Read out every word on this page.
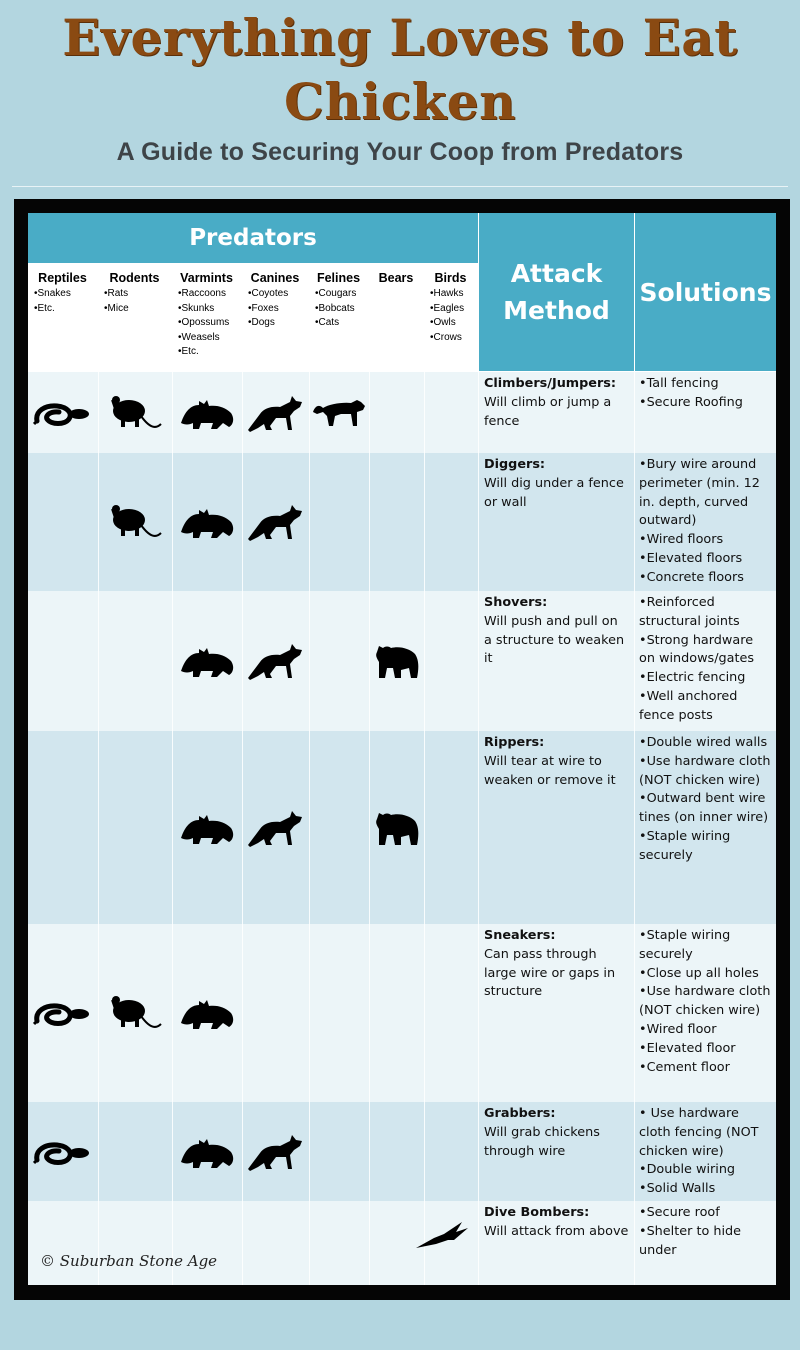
Everything Loves to Eat
Chicken
A Guide to Securing Your Coop from Predators
Predators
Attack
Method
Solutions
Reptiles
• Snakes
• Etc.
Rodents
• Rats
• Mice
Varmints
• Raccoons
• Skunks
• Opossums
• Weasels
• Etc.
Canines
• Coyotes
• Foxes
• Dogs
Felines
• Cougars
• Bobcats
• Cats
Bears	Birds
• Hawks
• Eagles
• Owls
• Crows
Climbers/Jumpers:
Will climb or jump a fence
• Tall fencing
• Secure Roofing
Diggers:
Will dig under a fence or wall
• Bury wire around perimeter (min. 12 in. depth, curved outward)
• Wired floors
• Elevated floors
• Concrete floors
Shovers:
Will push and pull on a structure to weaken it
• Reinforced structural joints
• Strong hardware on windows/gates
• Electric fencing
• Well anchored fence posts
Rippers:
Will tear at wire to weaken or remove it
• Double wired walls
• Use hardware cloth (NOT chicken wire)
• Outward bent wire tines (on inner wire)
• Staple wiring securely
Sneakers:
Can pass through large wire or gaps in structure
• Staple wiring securely
• Close up all holes
• Use hardware cloth (NOT chicken wire)
• Wired floor
• Elevated floor
• Cement floor
Grabbers:
Will grab chickens through wire
• Use hardware cloth fencing (NOT chicken wire)
• Double wiring
• Solid Walls
Dive Bombers:
Will attack from above
• Secure roof
• Shelter to hide under
© Suburban Stone Age
